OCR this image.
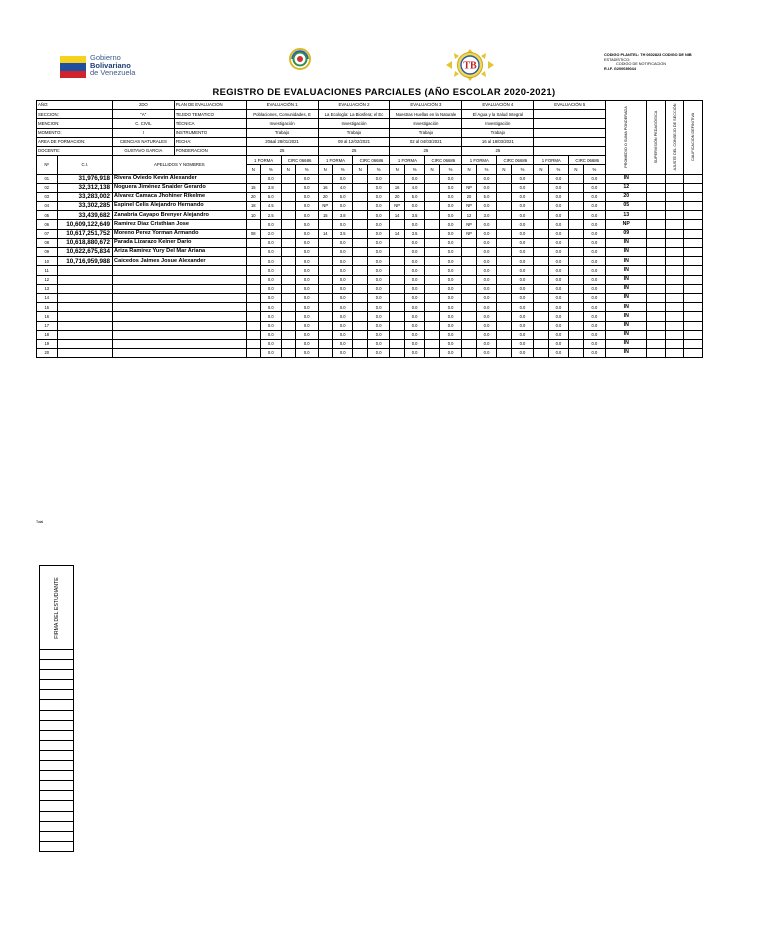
Gobierno
Bolivariano
de Venezuela
TB
CODIGO PLANTEL: TH 0602823 CODIGO DE NIB
ESTADÍSTICO:
CODIGO DE NOTIFICACION
R.I.F. G200039044
REGISTRO DE EVALUACIONES PARCIALES (AÑO ESCOLAR 2020-2021)
AÑO:		2DO	PLAN DE EVALUACION	EVALUACIÓN 1				EVALUACIÓN 2				EVALUACIÓN 3				EVALUACIÓN 4				EVALUACIÓN 5				PROMEDIO O SUMA PONDERADA	SUPERVISIÓN PEDAGÓGICA	AJUSTE DEL CONSEJO DE SECCIÓN	CALIFICACION DEFINITIVA

SECCION:		"A"	TEJIDO TEMATICO	Poblaciones, Comunidades, E				La Ecología: La Biosfera; el Ec				Nuestras Huellas en la Naturale				El Agua y la Salud Integral											
MENCION:		C. CIVIL	TÉCNICA	Investigación				Investigación				Investigación				Investigación											
MOMENTO:		I	INSTRUMENTO	Trabajo				Trabajo				Trabajo				Trabajo											
AREA DE FORMACION:		CIENCIAS NATURALES	FECHA:	20&al 28/01/2021				09 al 12/02/2021				02 al 04/03/2021				16 al 18/03/2021											
DOCENTE:		GUSTAVO GARCIA	PONDERACION	25				25				25				25											
Nº	C.I.	APELLIDOS Y NOMBRES		1 FORMA		CIRC 06686		1 FORMA		CIRC 06686		1 FORMA		CIRC 06686		1 FORMA		CIRC 06686		1 FORMA		CIRC 06686					
				N	%	N	%	N	%	N	%	N	%	N	%	N	%	N	%	N	%	N	%				
01	31,976,918	Rivera Oviedo Kevin Alexander			0.0		0.0		0.0		0.0		0.0		0.0		0.0		0.0		0.0		0.0	IN			
02	32,312,138	Noguera Jiménez Snaider Gerardo		15	3.8		0.0	16	4.0		0.0	16	4.0		0.0	NP	0.0		0.0		0.0		0.0	12			
03	33,283,002	Alvarez Camaca Jhohiner Rikelme		20	5.0		0.0	20	5.0		0.0	20	5.0		0.0	20	5.0		0.0		0.0		0.0	20			
04	33,302,285	Espinel Celis Alejandro Hernando		18	4.5		0.0	NP	0.0		0.0	NP	0.0		0.0	NP	0.0		0.0		0.0		0.0	05			
05	33,439,682	Zanabria Cayapo Brenyer Alejandro		10	2.5		0.0	15	3.8		0.0	14	3.5		0.0	12	3.0		0.0		0.0		0.0	13			
06	10,609,122,649	Ramirez Diaz Cristhian Jose			0.0		0.0		0.0		0.0		0.0		0.0	NP	0.0		0.0		0.0		0.0	NP			
07	10,617,251,752	Moreno Perez Yorman Armando		08	2.0		0.0	14	3.5		0.0	14	3.5		0.0	NP	0.0		0.0		0.0		0.0	09			
08	10,618,880,672	Parada Lizarazo Keiner Dario			0.0		0.0		0.0		0.0		0.0		0.0		0.0		0.0		0.0		0.0	IN			
09	10,622,675,834	Ariza Ramirez Yury Del Mar Ariana			0.0		0.0		0.0		0.0		0.0		0.0		0.0		0.0		0.0		0.0	IN			
10	10,716,959,988	Caicedos Jaimes Josue Alexander			0.0		0.0		0.0		0.0		0.0		0.0		0.0		0.0		0.0		0.0	IN			
11					0.0		0.0		0.0		0.0		0.0		0.0		0.0		0.0		0.0		0.0	IN			
12					0.0		0.0		0.0		0.0		0.0		0.0		0.0		0.0		0.0		0.0	IN			
13					0.0		0.0		0.0		0.0		0.0		0.0		0.0		0.0		0.0		0.0	IN			
14					0.0		0.0		0.0		0.0		0.0		0.0		0.0		0.0		0.0		0.0	IN			
15					0.0		0.0		0.0		0.0		0.0		0.0		0.0		0.0		0.0		0.0	IN			
16					0.0		0.0		0.0		0.0		0.0		0.0		0.0		0.0		0.0		0.0	IN			
17					0.0		0.0		0.0		0.0		0.0		0.0		0.0		0.0		0.0		0.0	IN			
18					0.0		0.0		0.0		0.0		0.0		0.0		0.0		0.0		0.0		0.0	IN			
19					0.0		0.0		0.0		0.0		0.0		0.0		0.0		0.0		0.0		0.0	IN			
20					0.0		0.0		0.0		0.0		0.0		0.0		0.0		0.0		0.0		0.0	IN			
Total
FIRMA DEL ESTUDIANTE
